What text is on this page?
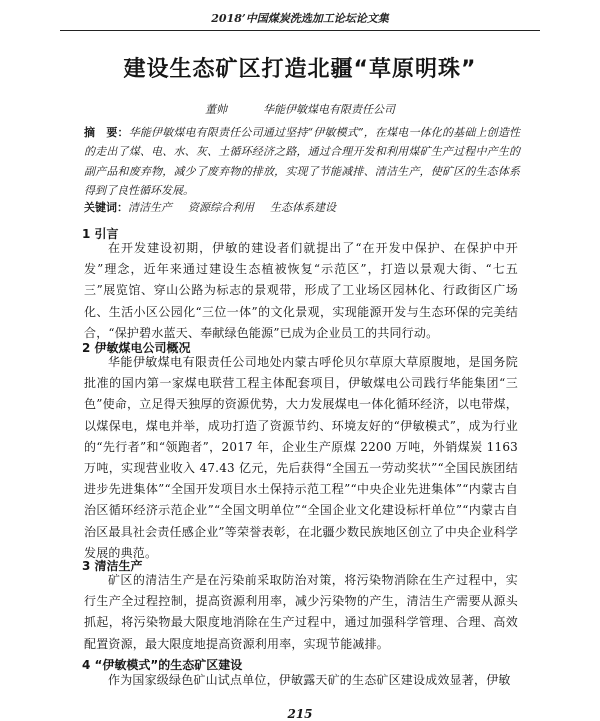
2018’中国煤炭洗选加工论坛论文集
建设生态矿区打造北疆“草原明珠”
董帅	华能伊敏煤电有限责任公司

摘　要：华能伊敏煤电有限责任公司通过坚持“伊敏模式”，在煤电一体化的基础上创造性的走出了煤、电、水、灰、土循环经济之路，通过合理开发和利用煤矿生产过程中产生的副产品和废弃物，减少了废弃物的排放，实现了节能减排、清洁生产，使矿区的生态体系得到了良性循环发展。

关键词：清洁生产 资源综合利用 生态体系建设

1 引言

在开发建设初期，伊敏的建设者们就提出了“在开发中保护、在保护中开发”理念，近年来通过建设生态植被恢复“示范区”，打造以景观大街、“七五三”展览馆、穿山公路为标志的景观带，形成了工业场区园林化、行政街区广场化、生活小区公园化“三位一体”的文化景观，实现能源开发与生态环保的完美结合，“保护碧水蓝天、奉献绿色能源”已成为企业员工的共同行动。

2 伊敏煤电公司概况

华能伊敏煤电有限责任公司地处内蒙古呼伦贝尔草原大草原腹地，是国务院批准的国内第一家煤电联营工程主体配套项目，伊敏煤电公司践行华能集团“三色”使命，立足得天独厚的资源优势，大力发展煤电一体化循环经济，以电带煤，以煤保电，煤电并举，成功打造了资源节约、环境友好的“伊敏模式”，成为行业的“先行者”和“领跑者”，2017 年，企业生产原煤 2200 万吨，外销煤炭 1163 万吨，实现营业收入 47.43 亿元，先后获得“全国五一劳动奖状”“全国民族团结进步先进集体”“全国开发项目水土保持示范工程”“中央企业先进集体”“内蒙古自治区循环经济示范企业”“全国文明单位”“全国企业文化建设标杆单位”“内蒙古自治区最具社会责任感企业”等荣誉表彰，在北疆少数民族地区创立了中央企业科学发展的典范。

3 清洁生产

矿区的清洁生产是在污染前采取防治对策，将污染物消除在生产过程中，实行生产全过程控制，提高资源利用率，减少污染物的产生，清洁生产需要从源头抓起，将污染物最大限度地消除在生产过程中，通过加强科学管理、合理、高效配置资源，最大限度地提高资源利用率，实现节能减排。

4 “伊敏模式”的生态矿区建设

作为国家级绿色矿山试点单位，伊敏露天矿的生态矿区建设成效显著，伊敏

215
